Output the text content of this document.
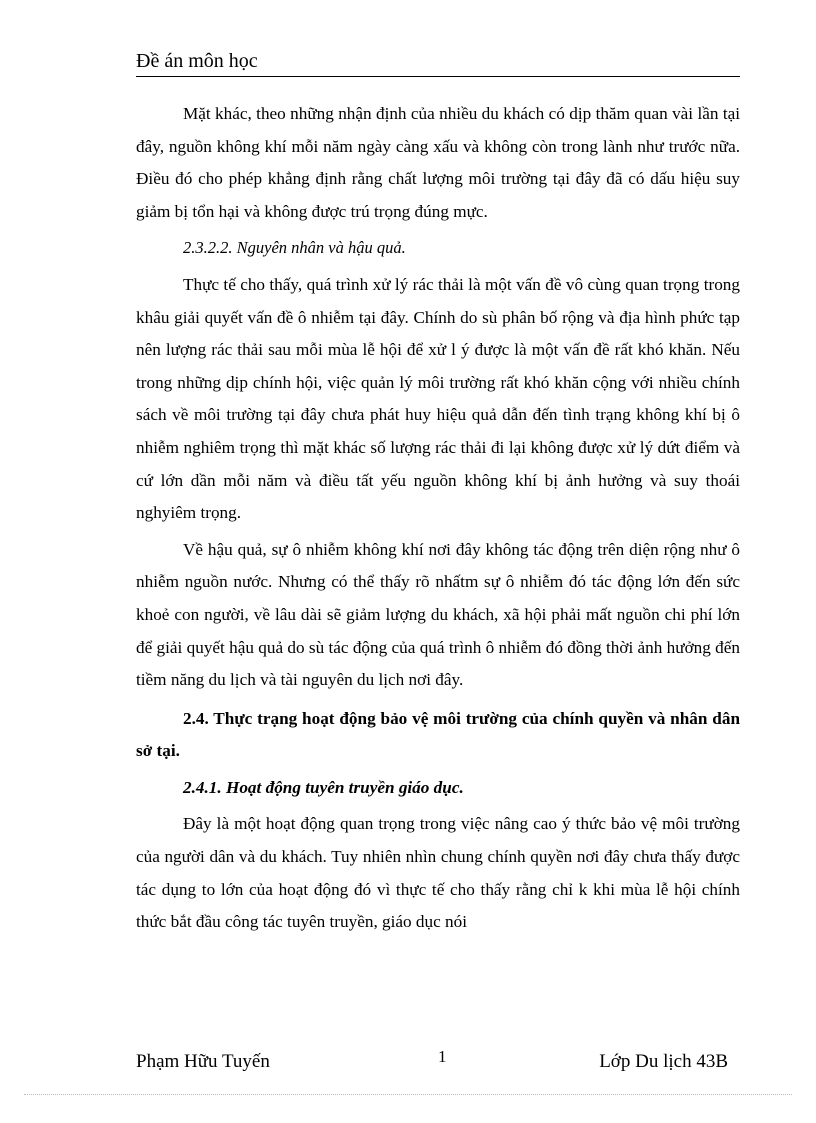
Đề án môn học

Mặt khác, theo những nhận định của nhiều du khách có dịp thăm quan vài lần tại đây, nguồn không khí mỗi năm ngày càng xấu và không còn trong lành như trước nữa. Điều đó cho phép khẳng định rằng chất lượng môi trường tại đây đã có dấu hiệu suy giảm bị tổn hại và không được trú trọng đúng mực.

2.3.2.2. Nguyên nhân và hậu quả.

Thực tế cho thấy, quá trình xử lý rác thải là một vấn đề vô cùng quan trọng trong khâu giải quyết vấn đề ô nhiễm tại đây. Chính do sù phân bố rộng và địa hình phức tạp nên lượng rác thải sau mỗi mùa lễ hội để xử l ý được là một vấn đề rất khó khăn. Nếu trong những dịp chính hội, việc quản lý môi trường rất khó khăn cộng với nhiều chính sách về môi trường tại đây chưa phát huy hiệu quả dẫn đến tình trạng không khí bị ô nhiễm nghiêm trọng thì mặt khác số lượng rác thải đi lại không được xử lý dứt điểm và cứ lớn dần mỗi năm và điều tất yếu nguồn không khí bị ảnh hưởng và suy thoái nghyiêm trọng.

Về hậu quả, sự ô nhiễm không khí nơi đây không tác động trên diện rộng như ô nhiễm nguồn nước. Nhưng có thể thấy rõ nhấtm sự ô nhiễm đó tác động lớn đến sức khoẻ con người, về lâu dài sẽ giảm lượng du khách, xã hội phải mất nguồn chi phí lớn để giải quyết hậu quả do sù tác động của quá trình ô nhiễm đó đồng thời ảnh hưởng đến tiềm năng du lịch và tài nguyên du lịch nơi đây.

2.4. Thực trạng hoạt động bảo vệ môi trường của chính quyền và nhân dân sở tại.

2.4.1. Hoạt động tuyên truyền giáo dục.

Đây là một hoạt động quan trọng trong việc nâng cao ý thức bảo vệ môi trường của người dân và du khách. Tuy nhiên nhìn chung chính quyền nơi đây chưa thấy được tác dụng to lớn của hoạt động đó vì thực tế cho thấy rằng chỉ k khi mùa lễ hội chính thức bắt đầu công tác tuyên truyền, giáo dục nói

Phạm Hữu Tuyến	1	Lớp Du lịch 43B
